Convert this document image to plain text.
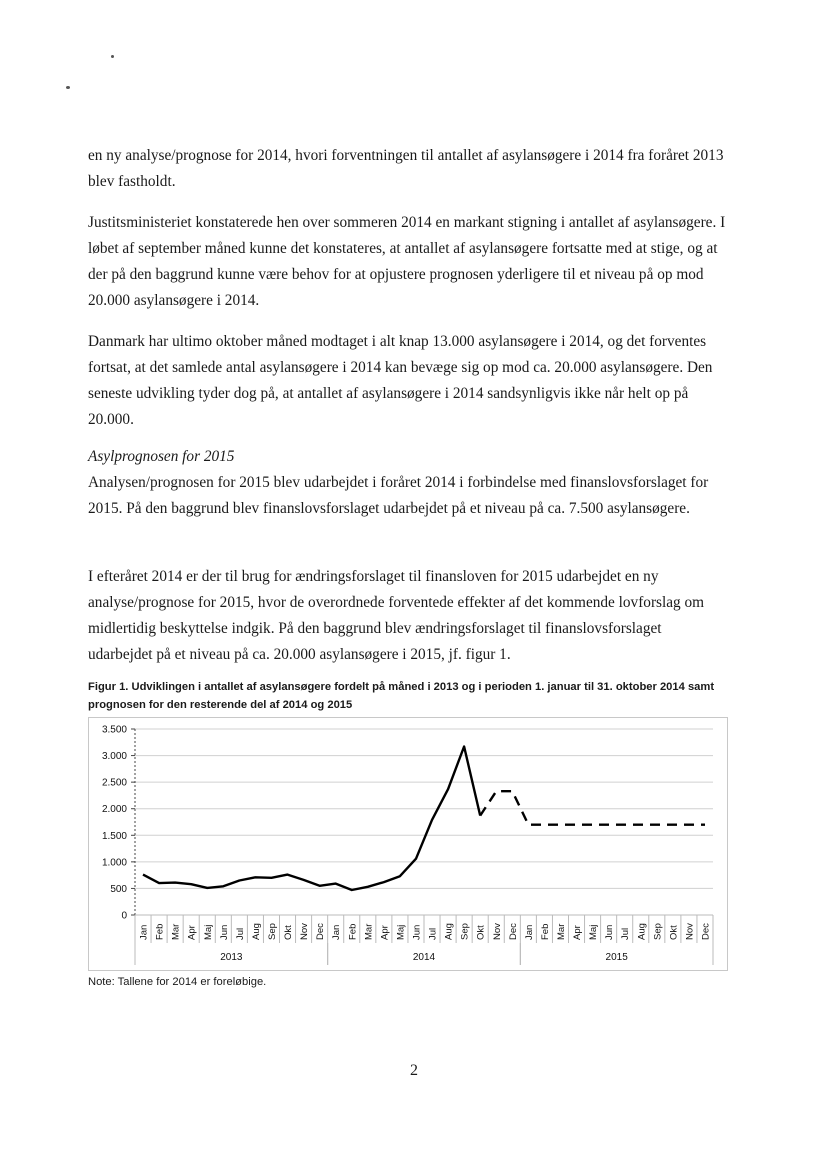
en ny analyse/prognose for 2014, hvori forventningen til antallet af asylansøgere i 2014 fra foråret 2013 blev fastholdt.

Justitsministeriet konstaterede hen over sommeren 2014 en markant stigning i antallet af asylansøgere. I løbet af september måned kunne det konstateres, at antallet af asylansøgere fortsatte med at stige, og at der på den baggrund kunne være behov for at opjustere prognosen yderligere til et niveau på op mod 20.000 asylansøgere i 2014.

Danmark har ultimo oktober måned modtaget i alt knap 13.000 asylansøgere i 2014, og det forventes fortsat, at det samlede antal asylansøgere i 2014 kan bevæge sig op mod ca. 20.000 asylansøgere. Den seneste udvikling tyder dog på, at antallet af asylansøgere i 2014 sandsynligvis ikke når helt op på 20.000.

Asylprognosen for 2015

Analysen/prognosen for 2015 blev udarbejdet i foråret 2014 i forbindelse med finanslovsforslaget for 2015. På den baggrund blev finanslovsforslaget udarbejdet på et niveau på ca. 7.500 asylansøgere.

I efteråret 2014 er der til brug for ændringsforslaget til finansloven for 2015 udarbejdet en ny analyse/prognose for 2015, hvor de overordnede forventede effekter af det kommende lovforslag om midlertidig beskyttelse indgik. På den baggrund blev ændringsforslaget til finanslovsforslaget udarbejdet på et niveau på ca. 20.000 asylansøgere i 2015, jf. figur 1.

Figur 1. Udviklingen i antallet af asylansøgere fordelt på måned i 2013 og i perioden 1. januar til 31. oktober 2014 samt prognosen for den resterende del af 2014 og 2015

0
500
1.000
1.500
2.000
2.500
3.000
3.500
Jan Feb Mar Apr Maj Jun Jul Aug Sep Okt Nov Dec Jan Feb Mar Apr Maj Jun Jul Aug Sep Okt Nov Dec Jan Feb Mar Apr Maj Jun Jul Aug Sep Okt Nov Dec
2013	2014	2015

Note: Tallene for 2014 er foreløbige.

2
